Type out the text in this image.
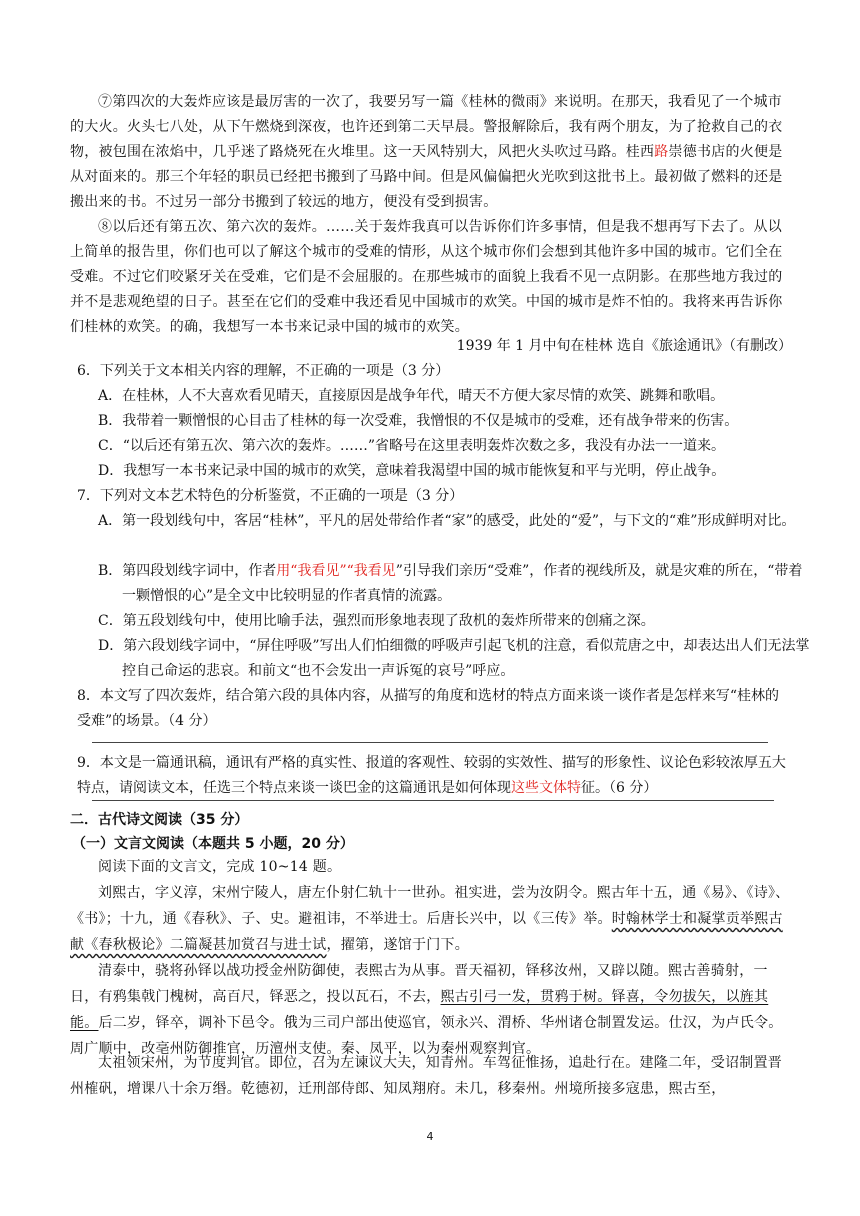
⑦第四次的大轰炸应该是最厉害的一次了，我要另写一篇《桂林的微雨》来说明。在那天，我看见了一个城市的大火。火头七八处，从下午燃烧到深夜，也许还到第二天早晨。警报解除后，我有两个朋友，为了抢救自己的衣物，被包围在浓焰中，几乎迷了路烧死在火堆里。这一天风特别大，风把火头吹过马路。桂西路崇德书店的火便是从对面来的。那三个年轻的职员已经把书搬到了马路中间。但是风偏偏把火光吹到这批书上。最初做了燃料的还是搬出来的书。不过另一部分书搬到了较远的地方，便没有受到损害。
⑧以后还有第五次、第六次的轰炸。……关于轰炸我真可以告诉你们许多事情，但是我不想再写下去了。从以上简单的报告里，你们也可以了解这个城市的受难的情形，从这个城市你们会想到其他许多中国的城市。它们全在受难。不过它们咬紧牙关在受难，它们是不会屈服的。在那些城市的面貌上我看不见一点阴影。在那些地方我过的并不是悲观绝望的日子。甚至在它们的受难中我还看见中国城市的欢笑。中国的城市是炸不怕的。我将来再告诉你们桂林的欢笑。的确，我想写一本书来记录中国的城市的欢笑。
1939 年 1 月中旬在桂林 选自《旅途通讯》（有删改）
6．下列关于文本相关内容的理解，不正确的一项是（3 分）
A．在桂林，人不大喜欢看见晴天，直接原因是战争年代，晴天不方便大家尽情的欢笑、跳舞和歌唱。
B．我带着一颗憎恨的心目击了桂林的每一次受难，我憎恨的不仅是城市的受难，还有战争带来的伤害。
C．“以后还有第五次、第六次的轰炸。……”省略号在这里表明轰炸次数之多，我没有办法一一道来。
D．我想写一本书来记录中国的城市的欢笑，意味着我渴望中国的城市能恢复和平与光明，停止战争。
7．下列对文本艺术特色的分析鉴赏，不正确的一项是（3 分）
A．第一段划线句中，客居“桂林”，平凡的居处带给作者“家”的感受，此处的“爱”，与下文的“难”形成鲜明对比。
B．第四段划线字词中，作者用“我看见”“我看见”引导我们亲历“受难”，作者的视线所及，就是灾难的所在，“带着一颗憎恨的心”是全文中比较明显的作者真情的流露。
C．第五段划线句中，使用比喻手法，强烈而形象地表现了敌机的轰炸所带来的创痛之深。
D．第六段划线字词中，“屏住呼吸”写出人们怕细微的呼吸声引起飞机的注意，看似荒唐之中，却表达出人们无法掌控自己命运的悲哀。和前文“也不会发出一声诉冤的哀号”呼应。
8．本文写了四次轰炸，结合第六段的具体内容，从描写的角度和选材的特点方面来谈一谈作者是怎样来写“桂林的受难”的场景。（4 分）
9．本文是一篇通讯稿，通讯有严格的真实性、报道的客观性、较弱的实效性、描写的形象性、议论色彩较浓厚五大特点，请阅读文本，任选三个特点来谈一谈巴金的这篇通讯是如何体现这些文体特征。（6 分）
二．古代诗文阅读（35 分）
（一）文言文阅读（本题共 5 小题，20 分）
阅读下面的文言文，完成 10~14 题。
刘熙古，字义淳，宋州宁陵人，唐左仆射仁轨十一世孙。祖实进，尝为汝阴令。熙古年十五，通《易》、《诗》、《书》；十九，通《春秋》、子、史。避祖讳，不举进士。后唐长兴中，以《三传》举。时翰林学士和凝掌贡举熙古献《春秋极论》二篇凝甚加赏召与进士试，擢第，遂馆于门下。
清泰中，骁将孙铎以战功授金州防御使，表熙古为从事。晋天福初，铎移汝州，又辟以随。熙古善骑射，一日，有鸦集戟门槐树，高百尺，铎恶之，投以瓦石，不去，熙古引弓一发，贯鸦于树。铎喜，令勿拔矢，以旌其能。后二岁，铎卒，调补下邑令。俄为三司户部出使巡官，领永兴、渭桥、华州诸仓制置发运。仕汉，为卢氏令。周广顺中，改亳州防御推官，历澶州支使。秦、凤平，以为秦州观察判官。
太祖领宋州，为节度判官。即位，召为左谏议大夫，知青州。车驾征惟扬，追赴行在。建隆二年，受诏制置晋州榷矾，增课八十余万缗。乾德初，迁刑部侍郎、知凤翔府。未几，移秦州。州境所接多寇患，熙古至，
4
